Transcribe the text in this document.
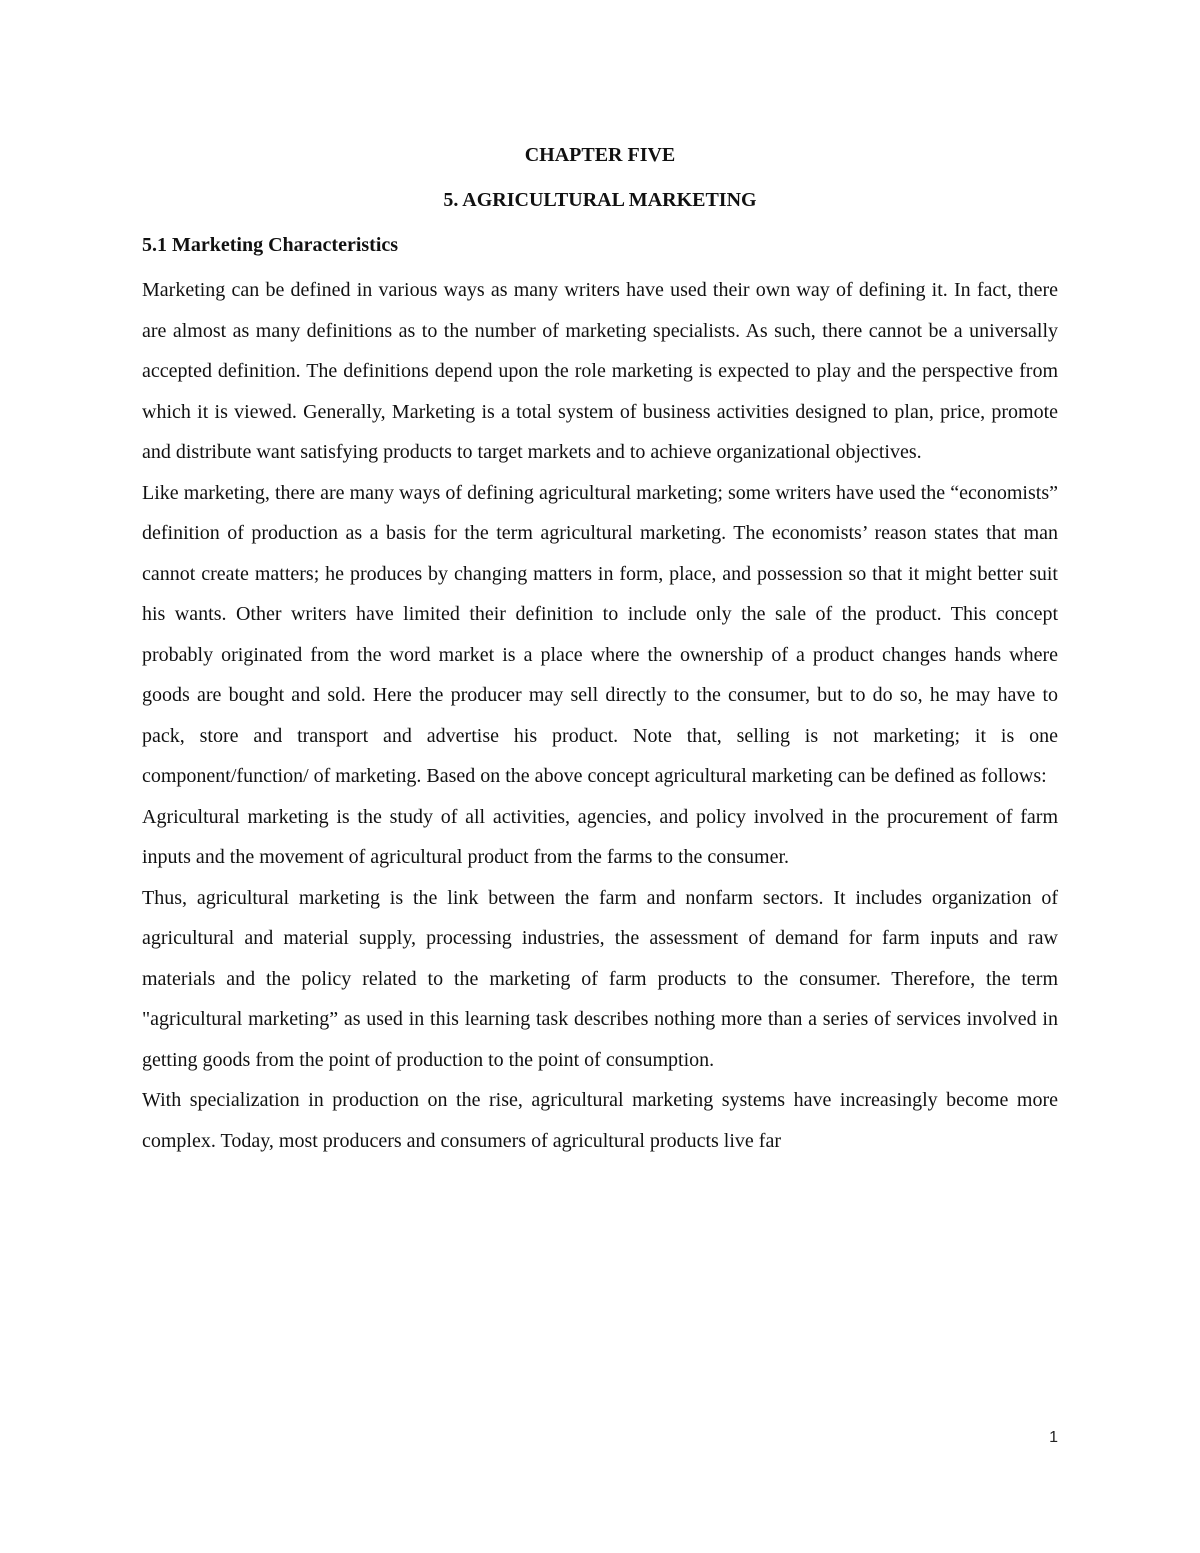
CHAPTER FIVE
5. AGRICULTURAL MARKETING
5.1 Marketing Characteristics

Marketing can be defined in various ways as many writers have used their own way of defining it. In fact, there are almost as many definitions as to the number of marketing specialists. As such, there cannot be a universally accepted definition. The definitions depend upon the role marketing is expected to play and the perspective from which it is viewed. Generally, Marketing is a total system of business activities designed to plan, price, promote and distribute want satisfying products to target markets and to achieve organizational objectives.

Like marketing, there are many ways of defining agricultural marketing; some writers have used the “economists” definition of production as a basis for the term agricultural marketing. The economists’ reason states that man cannot create matters; he produces by changing matters in form, place, and possession so that it might better suit his wants. Other writers have limited their definition to include only the sale of the product. This concept probably originated from the word market is a place where the ownership of a product changes hands where goods are bought and sold. Here the producer may sell directly to the consumer, but to do so, he may have to pack, store and transport and advertise his product. Note that, selling is not marketing; it is one component/function/ of marketing. Based on the above concept agricultural marketing can be defined as follows:

Agricultural marketing is the study of all activities, agencies, and policy involved in the procurement of farm inputs and the movement of agricultural product from the farms to the consumer.

Thus, agricultural marketing is the link between the farm and nonfarm sectors. It includes organization of agricultural and material supply, processing industries, the assessment of demand for farm inputs and raw materials and the policy related to the marketing of farm products to the consumer. Therefore, the term "agricultural marketing” as used in this learning task describes nothing more than a series of services involved in getting goods from the point of production to the point of consumption.

With specialization in production on the rise, agricultural marketing systems have increasingly become more complex. Today, most producers and consumers of agricultural products live far

1
